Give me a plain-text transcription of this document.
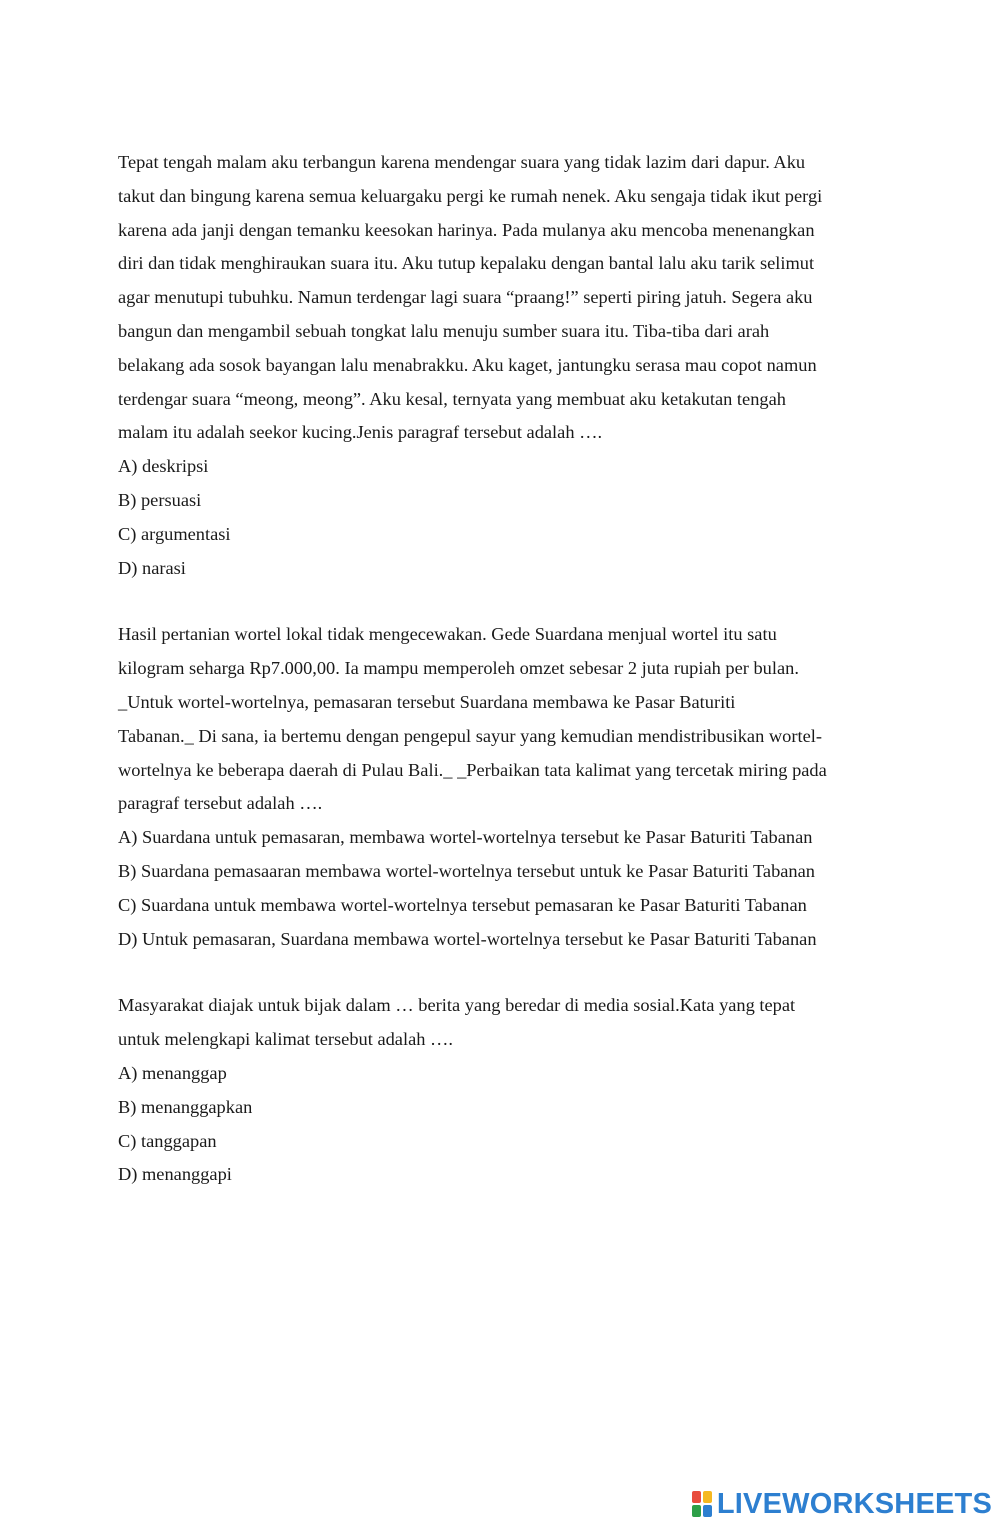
Tepat tengah malam aku terbangun karena mendengar suara yang tidak lazim dari dapur. Aku
takut dan bingung karena semua keluargaku pergi ke rumah nenek. Aku sengaja tidak ikut pergi
karena ada janji dengan temanku keesokan harinya. Pada mulanya aku mencoba menenangkan
diri dan tidak menghiraukan suara itu. Aku tutup kepalaku dengan bantal lalu aku tarik selimut
agar menutupi tubuhku. Namun terdengar lagi suara “praang!” seperti piring jatuh. Segera aku
bangun dan mengambil sebuah tongkat lalu menuju sumber suara itu. Tiba-tiba dari arah
belakang ada sosok bayangan lalu menabrakku. Aku kaget, jantungku serasa mau copot namun
terdengar suara “meong, meong”. Aku kesal, ternyata yang membuat aku ketakutan tengah
malam itu adalah seekor kucing.Jenis paragraf tersebut adalah ….

A) deskripsi

B) persuasi

C) argumentasi

D) narasi

Hasil pertanian wortel lokal tidak mengecewakan. Gede Suardana menjual wortel itu satu
kilogram seharga Rp7.000,00. Ia mampu memperoleh omzet sebesar 2 juta rupiah per bulan.
_Untuk wortel-wortelnya, pemasaran tersebut Suardana membawa ke Pasar Baturiti
Tabanan._ Di sana, ia bertemu dengan pengepul sayur yang kemudian mendistribusikan wortel-
wortelnya ke beberapa daerah di Pulau Bali._ _Perbaikan tata kalimat yang tercetak miring pada
paragraf tersebut adalah ….

A) Suardana untuk pemasaran, membawa wortel-wortelnya tersebut ke Pasar Baturiti Tabanan

B) Suardana pemasaaran membawa wortel-wortelnya tersebut untuk ke Pasar Baturiti Tabanan

C) Suardana untuk membawa wortel-wortelnya tersebut pemasaran ke Pasar Baturiti Tabanan

D) Untuk pemasaran, Suardana membawa wortel-wortelnya tersebut ke Pasar Baturiti Tabanan

Masyarakat diajak untuk bijak dalam … berita yang beredar di media sosial.Kata yang tepat
untuk melengkapi kalimat tersebut adalah ….

A) menanggap

B) menanggapkan

C) tanggapan

D) menanggapi

LIVEWORKSHEETS
